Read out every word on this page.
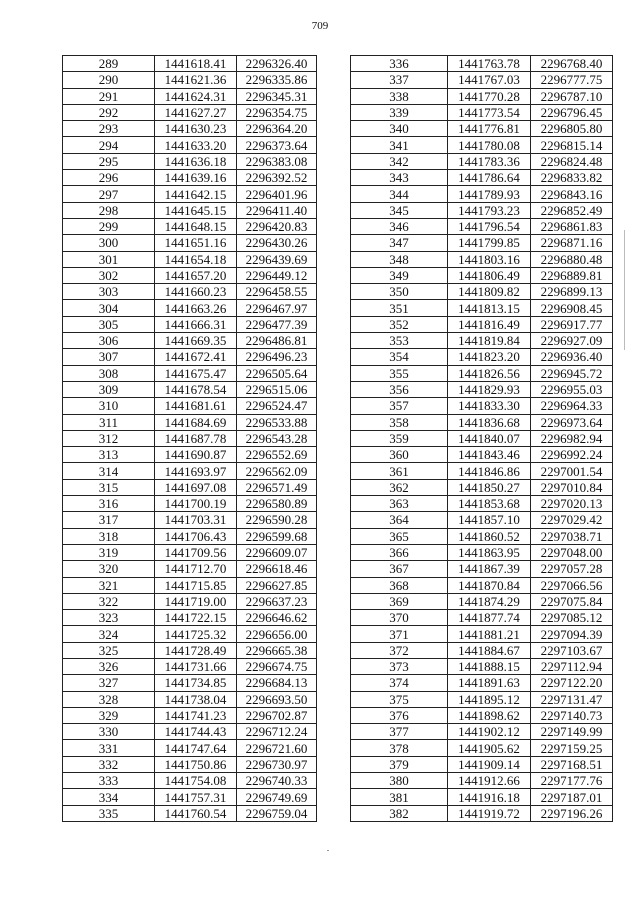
709
289	1441618.41	2296326.40
290	1441621.36	2296335.86
291	1441624.31	2296345.31
292	1441627.27	2296354.75
293	1441630.23	2296364.20
294	1441633.20	2296373.64
295	1441636.18	2296383.08
296	1441639.16	2296392.52
297	1441642.15	2296401.96
298	1441645.15	2296411.40
299	1441648.15	2296420.83
300	1441651.16	2296430.26
301	1441654.18	2296439.69
302	1441657.20	2296449.12
303	1441660.23	2296458.55
304	1441663.26	2296467.97
305	1441666.31	2296477.39
306	1441669.35	2296486.81
307	1441672.41	2296496.23
308	1441675.47	2296505.64
309	1441678.54	2296515.06
310	1441681.61	2296524.47
311	1441684.69	2296533.88
312	1441687.78	2296543.28
313	1441690.87	2296552.69
314	1441693.97	2296562.09
315	1441697.08	2296571.49
316	1441700.19	2296580.89
317	1441703.31	2296590.28
318	1441706.43	2296599.68
319	1441709.56	2296609.07
320	1441712.70	2296618.46
321	1441715.85	2296627.85
322	1441719.00	2296637.23
323	1441722.15	2296646.62
324	1441725.32	2296656.00
325	1441728.49	2296665.38
326	1441731.66	2296674.75
327	1441734.85	2296684.13
328	1441738.04	2296693.50
329	1441741.23	2296702.87
330	1441744.43	2296712.24
331	1441747.64	2296721.60
332	1441750.86	2296730.97
333	1441754.08	2296740.33
334	1441757.31	2296749.69
335	1441760.54	2296759.04
336	1441763.78	2296768.40
337	1441767.03	2296777.75
338	1441770.28	2296787.10
339	1441773.54	2296796.45
340	1441776.81	2296805.80
341	1441780.08	2296815.14
342	1441783.36	2296824.48
343	1441786.64	2296833.82
344	1441789.93	2296843.16
345	1441793.23	2296852.49
346	1441796.54	2296861.83
347	1441799.85	2296871.16
348	1441803.16	2296880.48
349	1441806.49	2296889.81
350	1441809.82	2296899.13
351	1441813.15	2296908.45
352	1441816.49	2296917.77
353	1441819.84	2296927.09
354	1441823.20	2296936.40
355	1441826.56	2296945.72
356	1441829.93	2296955.03
357	1441833.30	2296964.33
358	1441836.68	2296973.64
359	1441840.07	2296982.94
360	1441843.46	2296992.24
361	1441846.86	2297001.54
362	1441850.27	2297010.84
363	1441853.68	2297020.13
364	1441857.10	2297029.42
365	1441860.52	2297038.71
366	1441863.95	2297048.00
367	1441867.39	2297057.28
368	1441870.84	2297066.56
369	1441874.29	2297075.84
370	1441877.74	2297085.12
371	1441881.21	2297094.39
372	1441884.67	2297103.67
373	1441888.15	2297112.94
374	1441891.63	2297122.20
375	1441895.12	2297131.47
376	1441898.62	2297140.73
377	1441902.12	2297149.99
378	1441905.62	2297159.25
379	1441909.14	2297168.51
380	1441912.66	2297177.76
381	1441916.18	2297187.01
382	1441919.72	2297196.26
